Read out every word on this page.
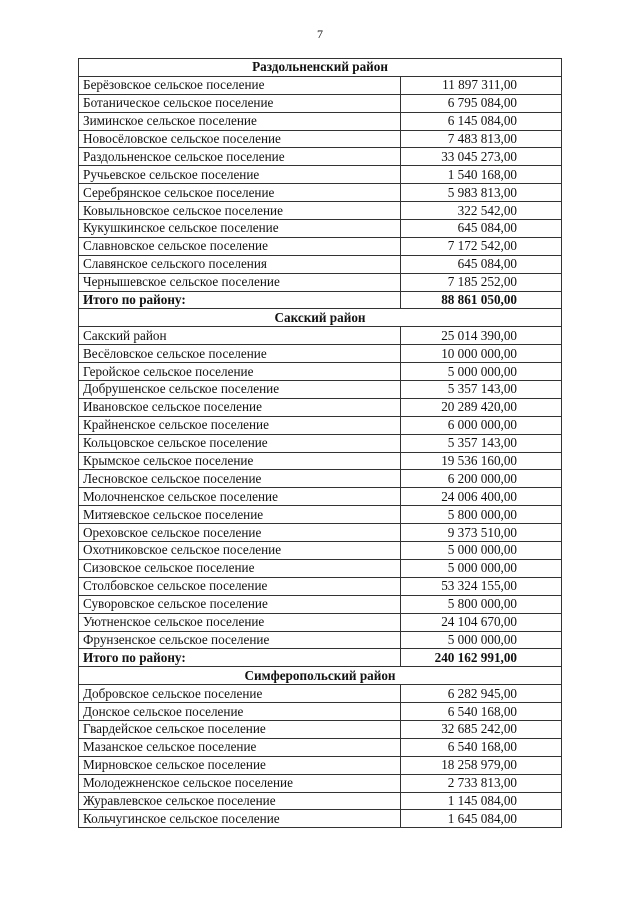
7
Раздольненский район	
Берёзовское сельское поселение	11 897 311,00
Ботаническое сельское поселение	6 795 084,00
Зиминское сельское поселение	6 145 084,00
Новосёловское сельское поселение	7 483 813,00
Раздольненское сельское поселение	33 045 273,00
Ручьевское сельское поселение	1 540 168,00
Серебрянское сельское поселение	5 983 813,00
Ковыльновское сельское поселение	322 542,00
Кукушкинское сельское поселение	645 084,00
Славновское сельское поселение	7 172 542,00
Славянское сельского поселения	645 084,00
Чернышевское сельское поселение	7 185 252,00
Итого по району:	88 861 050,00
Сакский район	
Сакский район	25 014 390,00
Весёловское сельское поселение	10 000 000,00
Геройское сельское поселение	5 000 000,00
Добрушенское сельское поселение	5 357 143,00
Ивановское сельское поселение	20 289 420,00
Крайненское сельское поселение	6 000 000,00
Кольцовское сельское поселение	5 357 143,00
Крымское сельское поселение	19 536 160,00
Лесновское сельское поселение	6 200 000,00
Молочненское сельское поселение	24 006 400,00
Митяевское сельское поселение	5 800 000,00
Ореховское сельское поселение	9 373 510,00
Охотниковское сельское поселение	5 000 000,00
Сизовское сельское поселение	5 000 000,00
Столбовское сельское поселение	53 324 155,00
Суворовское сельское поселение	5 800 000,00
Уютненское сельское поселение	24 104 670,00
Фрунзенское сельское поселение	5 000 000,00
Итого по району:	240 162 991,00
Симферопольский район	
Добровское сельское поселение	6 282 945,00
Донское сельское поселение	6 540 168,00
Гвардейское сельское поселение	32 685 242,00
Мазанское сельское поселение	6 540 168,00
Мирновское сельское поселение	18 258 979,00
Молодежненское сельское поселение	2 733 813,00
Журавлевское сельское поселение	1 145 084,00
Кольчугинское сельское поселение	1 645 084,00
